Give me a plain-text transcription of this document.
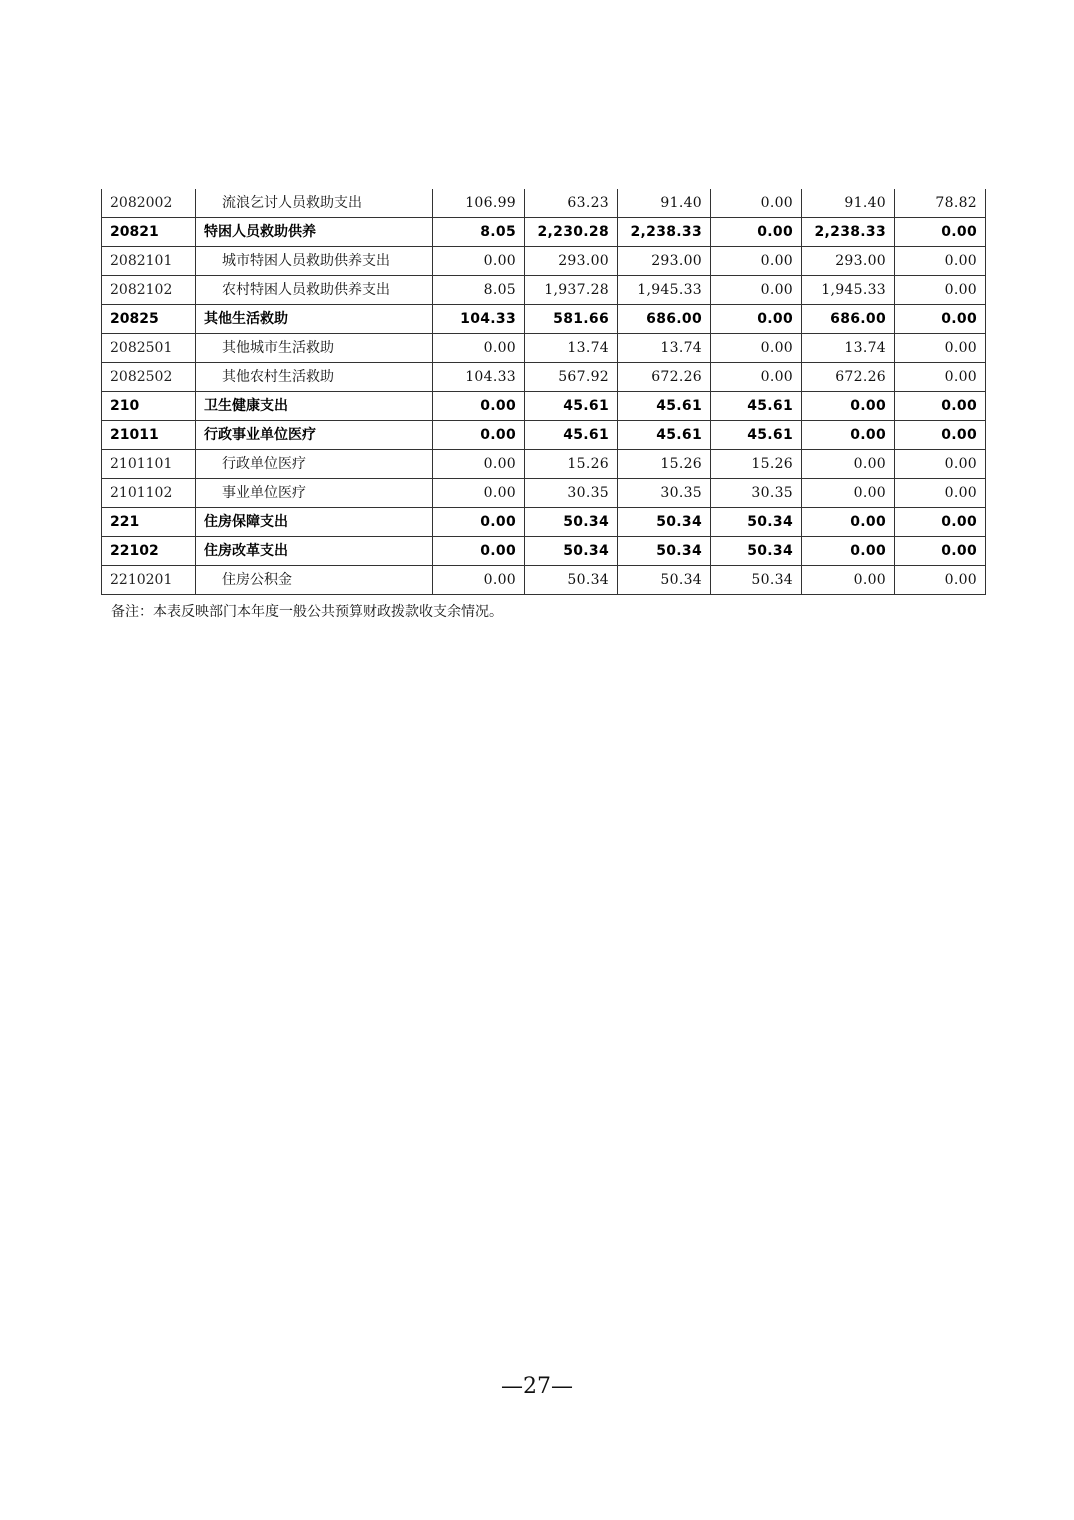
2082002	流浪乞讨人员救助支出	106.99	63.23	91.40	0.00	91.40	78.82
20821	特困人员救助供养	8.05	2,230.28	2,238.33	0.00	2,238.33	0.00
2082101	城市特困人员救助供养支出	0.00	293.00	293.00	0.00	293.00	0.00
2082102	农村特困人员救助供养支出	8.05	1,937.28	1,945.33	0.00	1,945.33	0.00
20825	其他生活救助	104.33	581.66	686.00	0.00	686.00	0.00
2082501	其他城市生活救助	0.00	13.74	13.74	0.00	13.74	0.00
2082502	其他农村生活救助	104.33	567.92	672.26	0.00	672.26	0.00
210	卫生健康支出	0.00	45.61	45.61	45.61	0.00	0.00
21011	行政事业单位医疗	0.00	45.61	45.61	45.61	0.00	0.00
2101101	行政单位医疗	0.00	15.26	15.26	15.26	0.00	0.00
2101102	事业单位医疗	0.00	30.35	30.35	30.35	0.00	0.00
221	住房保障支出	0.00	50.34	50.34	50.34	0.00	0.00
22102	住房改革支出	0.00	50.34	50.34	50.34	0.00	0.00
2210201	住房公积金	0.00	50.34	50.34	50.34	0.00	0.00
备注：本表反映部门本年度一般公共预算财政拨款收支余情况。
—27—
